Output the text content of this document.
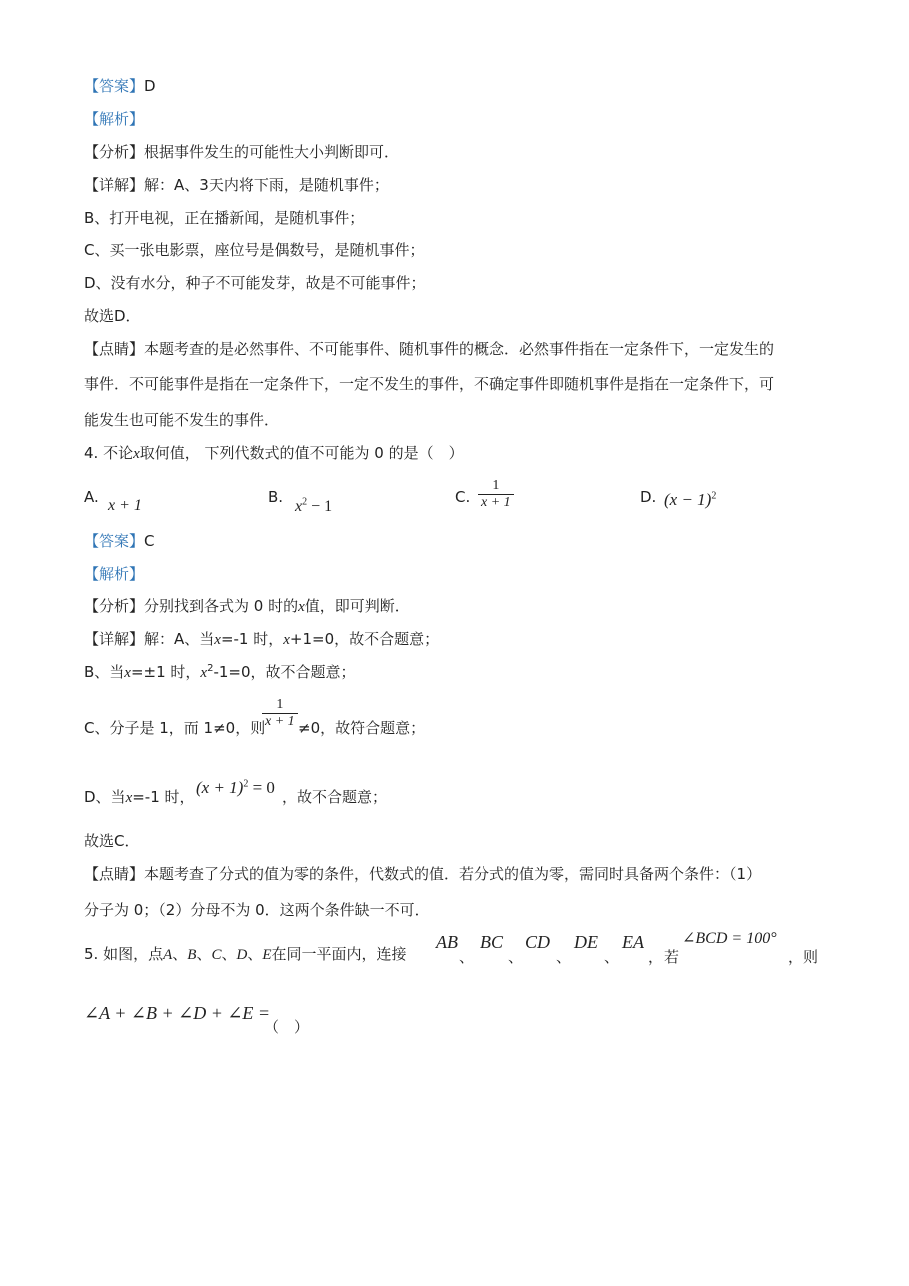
【答案】D
【解析】
【分析】根据事件发生的可能性大小判断即可．
【详解】解：A、3天内将下雨，是随机事件；
B、打开电视，正在播新闻，是随机事件；
C、买一张电影票，座位号是偶数号，是随机事件；
D、没有水分，种子不可能发芽，故是不可能事件；
故选D．
【点睛】本题考查的是必然事件、不可能事件、随机事件的概念．必然事件指在一定条件下，一定发生的
事件．不可能事件是指在一定条件下，一定不发生的事件，不确定事件即随机事件是指在一定条件下，可
能发生也可能不发生的事件．
4. 不论x取何值， 下列代数式的值不可能为 0 的是（　）
A. x + 1	B.
$x^2 - 1$
C. $\frac{1}{x + 1}$	D. $(x - 1)^2$
【答案】C
【解析】
【分析】分别找到各式为 0 时的x值，即可判断．
【详解】解：A、当x=-1 时，x+1=0，故不合题意；
B、当x=±1 时，$x^2-1=0$，故不合题意；
C、分子是 1，而 1≠0，则
$\frac{1}{x + 1} \ne 0$，故符合题意；
D、当x=-1 时， $(x + 1)^2 = 0$ ，故不合题意；
故选C．
【点睛】本题考查了分式的值为零的条件，代数式的值．若分式的值为零，需同时具备两个条件：（1）
分子为 0；（2）分母不为 0．这两个条件缺一不可．
5. 如图，点A、B、C、D、E在同一平面内，连接
AB
、
BC
、
CD
、
DE
、
EA
， 若
∠BCD = 100°
，则
∠A + ∠B + ∠D + ∠E =
（　）
